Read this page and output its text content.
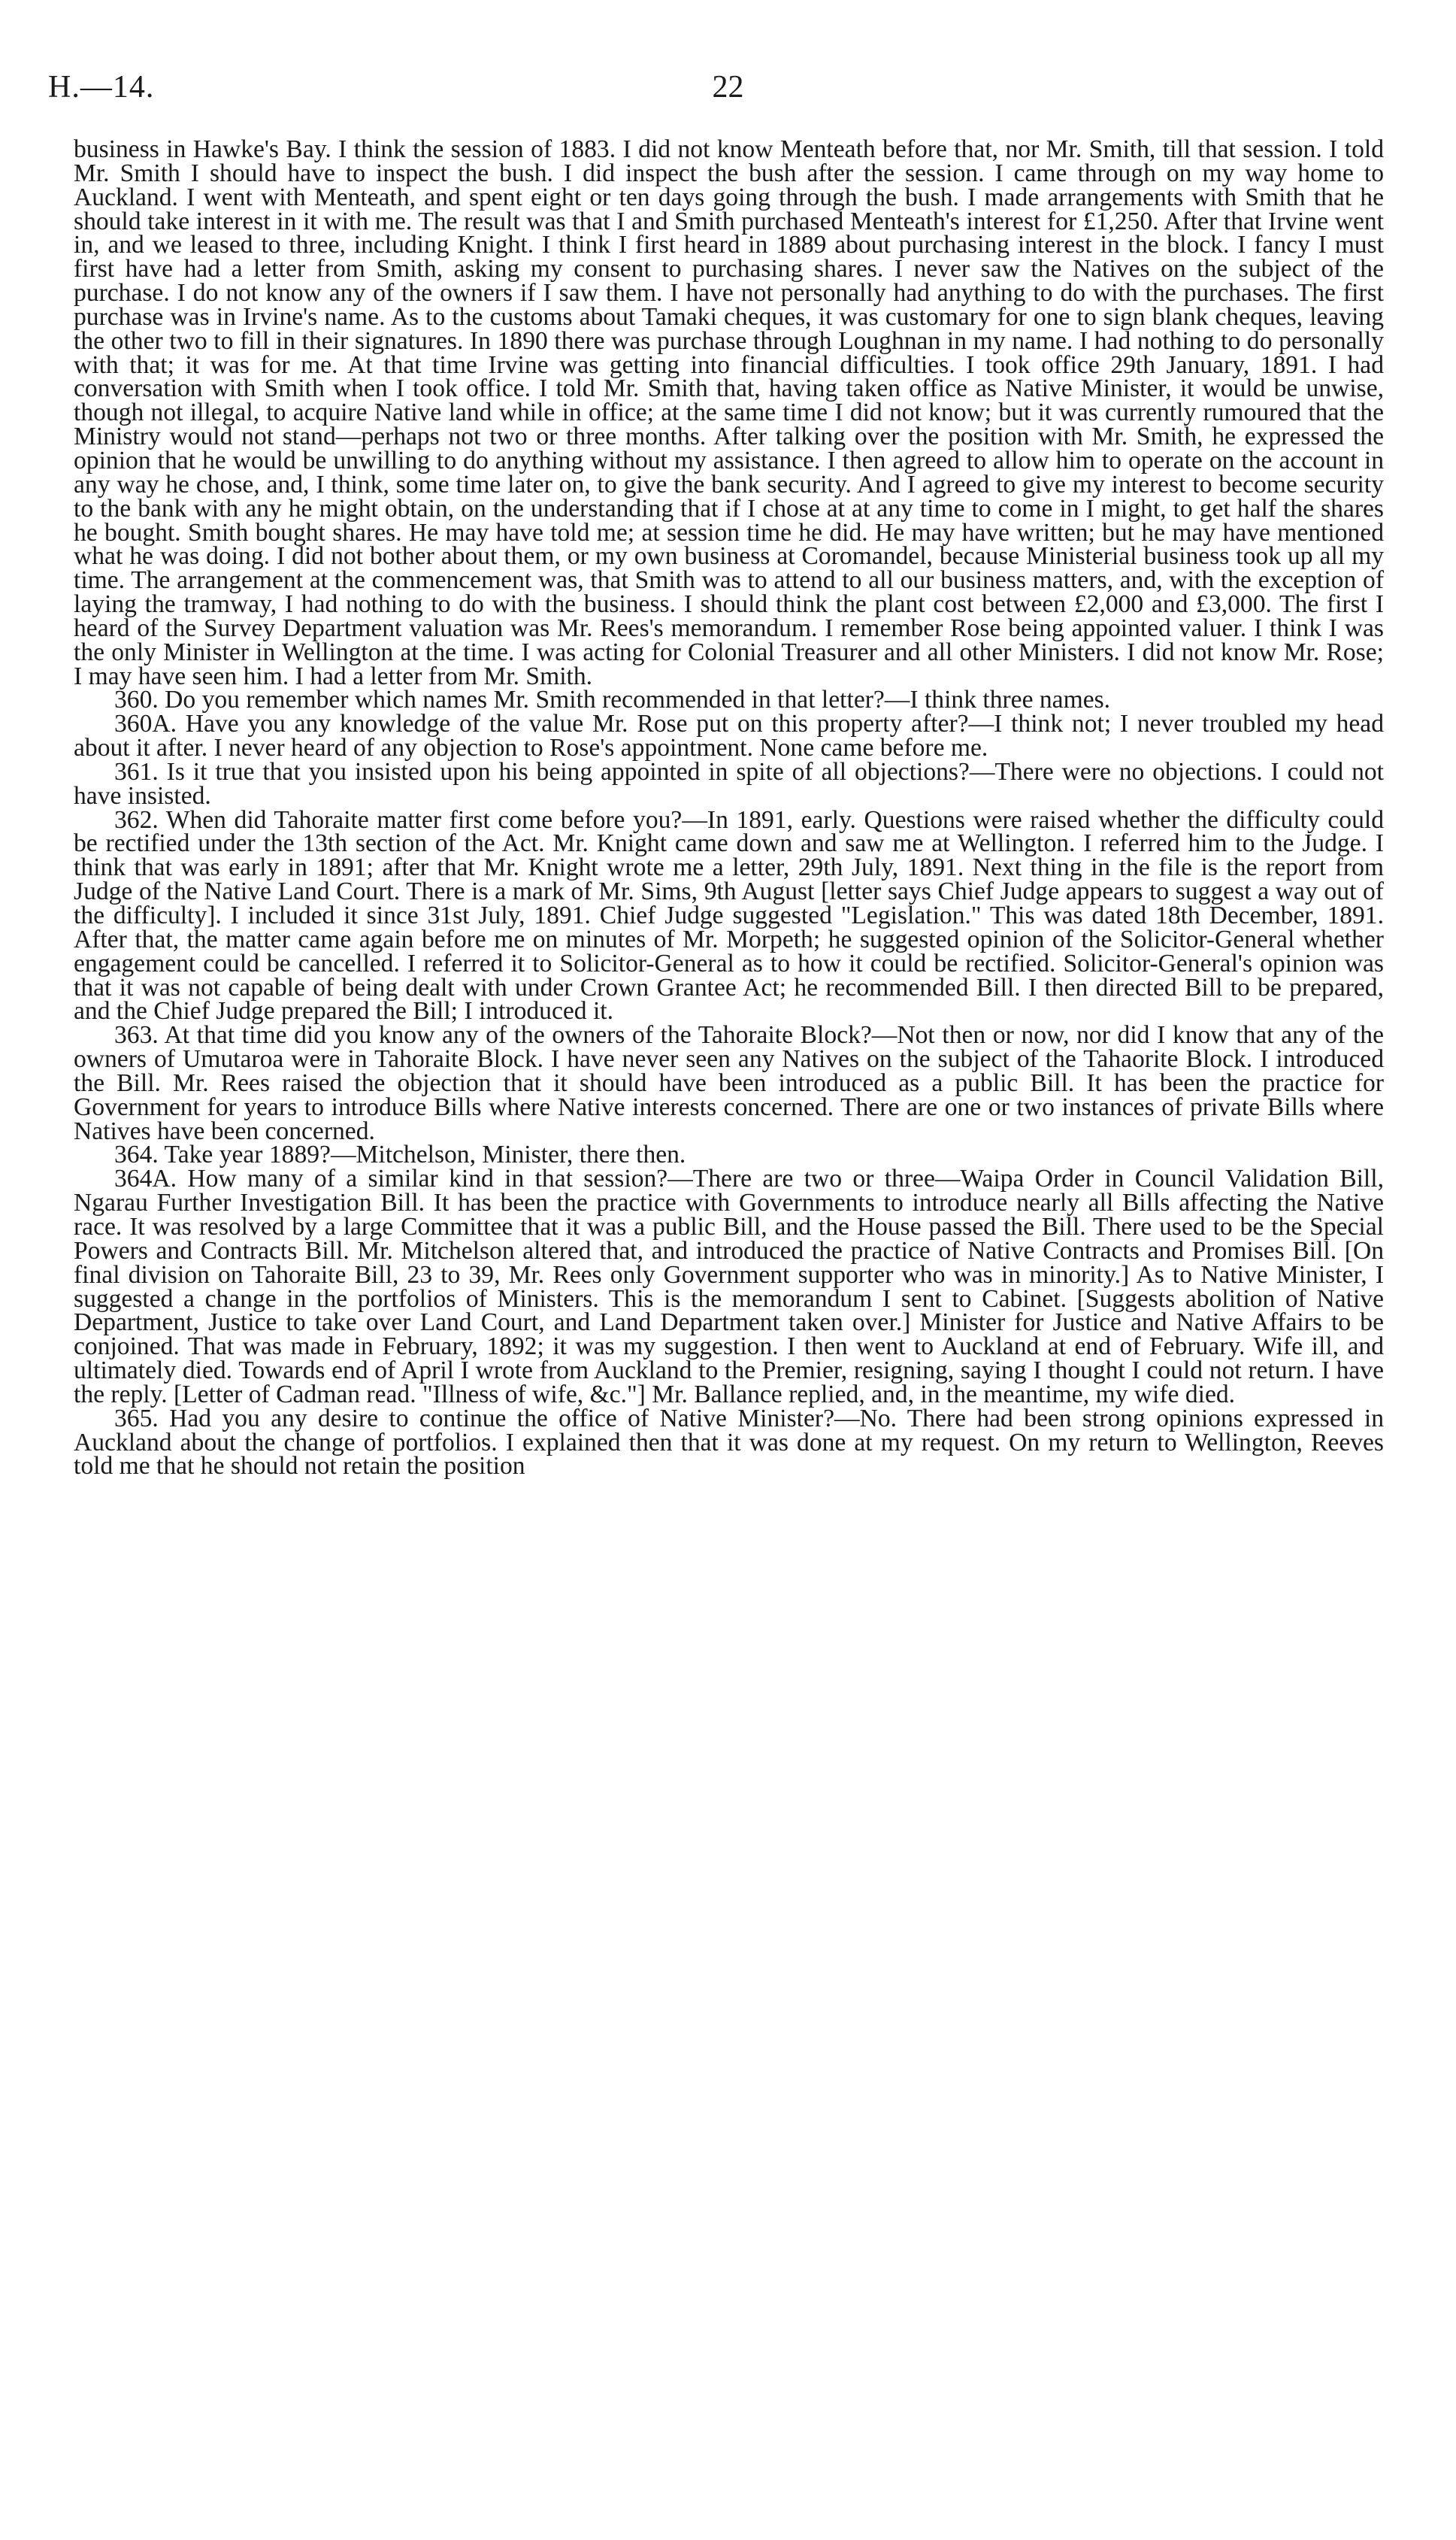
H.—14.	22

business in Hawke's Bay. I think the session of 1883. I did not know Menteath before that, nor Mr. Smith, till that session. I told Mr. Smith I should have to inspect the bush. I did inspect the bush after the session. I came through on my way home to Auckland. I went with Menteath, and spent eight or ten days going through the bush. I made arrangements with Smith that he should take interest in it with me. The result was that I and Smith purchased Menteath's interest for £1,250. After that Irvine went in, and we leased to three, including Knight. I think I first heard in 1889 about purchasing interest in the block. I fancy I must first have had a letter from Smith, asking my consent to purchasing shares. I never saw the Natives on the subject of the purchase. I do not know any of the owners if I saw them. I have not personally had anything to do with the purchases. The first purchase was in Irvine's name. As to the customs about Tamaki cheques, it was customary for one to sign blank cheques, leaving the other two to fill in their signatures. In 1890 there was purchase through Loughnan in my name. I had nothing to do personally with that; it was for me. At that time Irvine was getting into financial difficulties. I took office 29th January, 1891. I had conversation with Smith when I took office. I told Mr. Smith that, having taken office as Native Minister, it would be unwise, though not illegal, to acquire Native land while in office; at the same time I did not know; but it was currently rumoured that the Ministry would not stand—perhaps not two or three months. After talking over the position with Mr. Smith, he expressed the opinion that he would be unwilling to do anything without my assistance. I then agreed to allow him to operate on the account in any way he chose, and, I think, some time later on, to give the bank security. And I agreed to give my interest to become security to the bank with any he might obtain, on the understanding that if I chose at at any time to come in I might, to get half the shares he bought. Smith bought shares. He may have told me; at session time he did. He may have written; but he may have mentioned what he was doing. I did not bother about them, or my own business at Coromandel, because Ministerial business took up all my time. The arrangement at the commencement was, that Smith was to attend to all our business matters, and, with the exception of laying the tramway, I had nothing to do with the business. I should think the plant cost between £2,000 and £3,000. The first I heard of the Survey Department valuation was Mr. Rees's memorandum. I remember Rose being appointed valuer. I think I was the only Minister in Wellington at the time. I was acting for Colonial Treasurer and all other Ministers. I did not know Mr. Rose; I may have seen him. I had a letter from Mr. Smith.

360. Do you remember which names Mr. Smith recommended in that letter?—I think three names.

360A. Have you any knowledge of the value Mr. Rose put on this property after?—I think not; I never troubled my head about it after. I never heard of any objection to Rose's appointment. None came before me.

361. Is it true that you insisted upon his being appointed in spite of all objections?—There were no objections. I could not have insisted.

362. When did Tahoraite matter first come before you?—In 1891, early. Questions were raised whether the difficulty could be rectified under the 13th section of the Act. Mr. Knight came down and saw me at Wellington. I referred him to the Judge. I think that was early in 1891; after that Mr. Knight wrote me a letter, 29th July, 1891. Next thing in the file is the report from Judge of the Native Land Court. There is a mark of Mr. Sims, 9th August [letter says Chief Judge appears to suggest a way out of the difficulty]. I included it since 31st July, 1891. Chief Judge suggested "Legislation." This was dated 18th December, 1891. After that, the matter came again before me on minutes of Mr. Morpeth; he suggested opinion of the Solicitor-General whether engagement could be cancelled. I referred it to Solicitor-General as to how it could be rectified. Solicitor-General's opinion was that it was not capable of being dealt with under Crown Grantee Act; he recommended Bill. I then directed Bill to be prepared, and the Chief Judge prepared the Bill; I introduced it.

363. At that time did you know any of the owners of the Tahoraite Block?—Not then or now, nor did I know that any of the owners of Umutaroa were in Tahoraite Block. I have never seen any Natives on the subject of the Tahaorite Block. I introduced the Bill. Mr. Rees raised the objection that it should have been introduced as a public Bill. It has been the practice for Government for years to introduce Bills where Native interests concerned. There are one or two instances of private Bills where Natives have been concerned.

364. Take year 1889?—Mitchelson, Minister, there then.

364A. How many of a similar kind in that session?—There are two or three—Waipa Order in Council Validation Bill, Ngarau Further Investigation Bill. It has been the practice with Governments to introduce nearly all Bills affecting the Native race. It was resolved by a large Committee that it was a public Bill, and the House passed the Bill. There used to be the Special Powers and Contracts Bill. Mr. Mitchelson altered that, and introduced the practice of Native Contracts and Promises Bill. [On final division on Tahoraite Bill, 23 to 39, Mr. Rees only Government supporter who was in minority.] As to Native Minister, I suggested a change in the portfolios of Ministers. This is the memorandum I sent to Cabinet. [Suggests abolition of Native Department, Justice to take over Land Court, and Land Department taken over.] Minister for Justice and Native Affairs to be conjoined. That was made in February, 1892; it was my suggestion. I then went to Auckland at end of February. Wife ill, and ultimately died. Towards end of April I wrote from Auckland to the Premier, resigning, saying I thought I could not return. I have the reply. [Letter of Cadman read. "Illness of wife, &c."] Mr. Ballance replied, and, in the meantime, my wife died.

365. Had you any desire to continue the office of Native Minister?—No. There had been strong opinions expressed in Auckland about the change of portfolios. I explained then that it was done at my request. On my return to Wellington, Reeves told me that he should not retain the position
